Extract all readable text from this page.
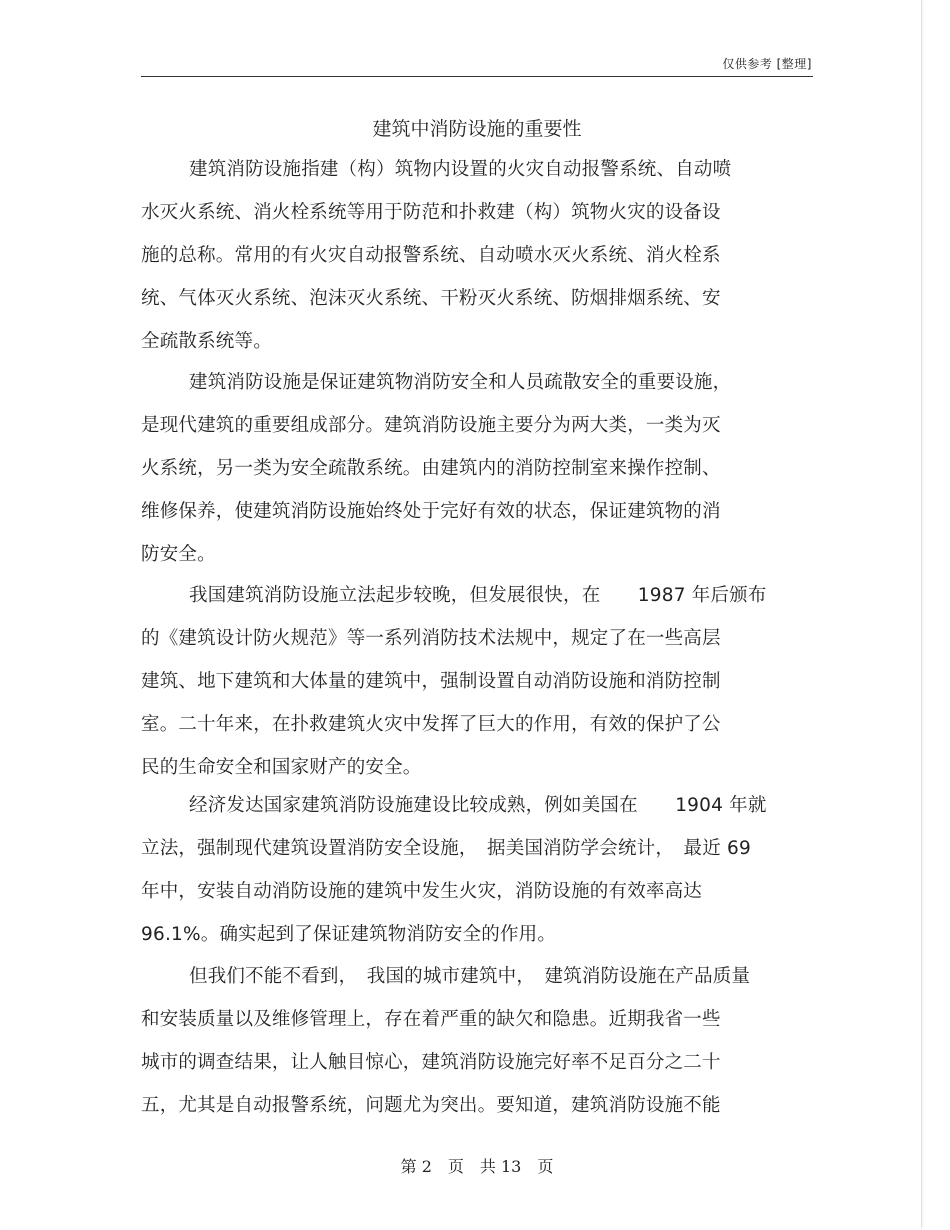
仅供参考 [整理]
建筑中消防设施的重要性
建筑消防设施指建（构）筑物内设置的火灾自动报警系统、自动喷
水灭火系统、消火栓系统等用于防范和扑救建（构）筑物火灾的设备设
施的总称。常用的有火灾自动报警系统、自动喷水灭火系统、消火栓系
统、气体灭火系统、泡沫灭火系统、干粉灭火系统、防烟排烟系统、安
全疏散系统等。
建筑消防设施是保证建筑物消防安全和人员疏散安全的重要设施，
是现代建筑的重要组成部分。建筑消防设施主要分为两大类，一类为灭
火系统，另一类为安全疏散系统。由建筑内的消防控制室来操作控制、
维修保养，使建筑消防设施始终处于完好有效的状态，保证建筑物的消
防安全。
我国建筑消防设施立法起步较晚，但发展很快，在　　1987 年后颁布
的《建筑设计防火规范》等一系列消防技术法规中，规定了在一些高层
建筑、地下建筑和大体量的建筑中，强制设置自动消防设施和消防控制
室。二十年来，在扑救建筑火灾中发挥了巨大的作用，有效的保护了公
民的生命安全和国家财产的安全。
经济发达国家建筑消防设施建设比较成熟，例如美国在　　1904 年就
立法，强制现代建筑设置消防安全设施，　据美国消防学会统计，　最近 69
年中，安装自动消防设施的建筑中发生火灾，消防设施的有效率高达
96.1%。确实起到了保证建筑物消防安全的作用。
但我们不能不看到，　我国的城市建筑中，　建筑消防设施在产品质量
和安装质量以及维修管理上，存在着严重的缺欠和隐患。近期我省一些
城市的调查结果，让人触目惊心，建筑消防设施完好率不足百分之二十
五，尤其是自动报警系统，问题尤为突出。要知道，建筑消防设施不能
第 2　页　共 13　页
